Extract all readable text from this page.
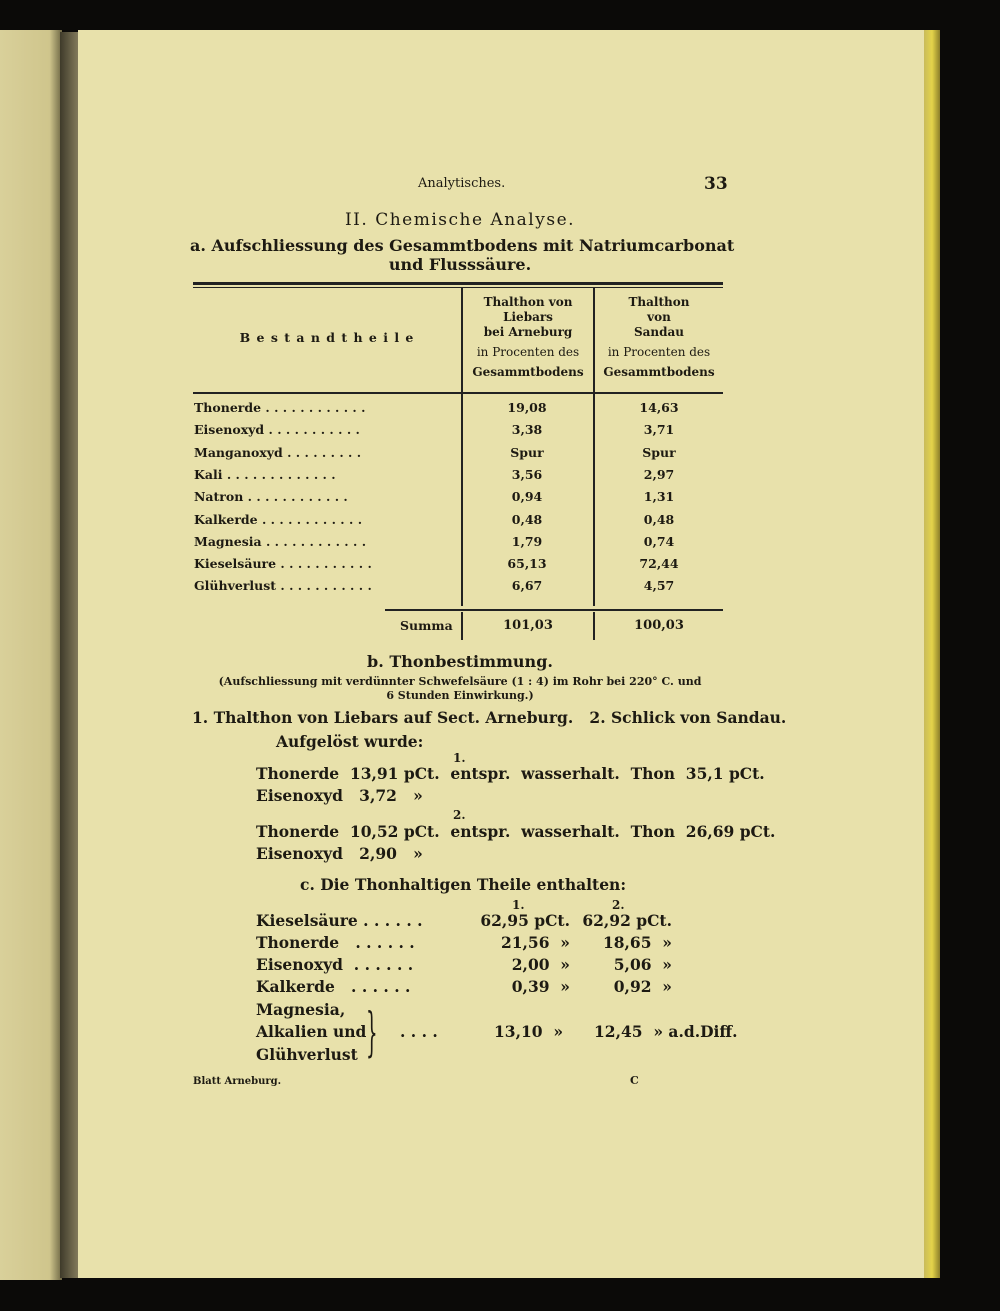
Analytisches.	33
II. Chemische Analyse.
a. Aufschliessung des Gesammtbodens mit Natriumcarbonat
und Flusssäure.
B e s t a n d t h e i l e
Thalthon von
Liebars
bei Arneburg
in Procenten des
Gesammtbodens
Thalthon
von
Sandau
in Procenten des
Gesammtbodens
Thonerde . . . . . . . . . . . .	19,08	14,63
Eisenoxyd . . . . . . . . . . .	3,38	3,71
Manganoxyd . . . . . . . . .	Spur	Spur
Kali . . . . . . . . . . . . .	3,56	2,97
Natron . . . . . . . . . . . .	0,94	1,31
Kalkerde . . . . . . . . . . . .	0,48	0,48
Magnesia . . . . . . . . . . . .	1,79	0,74
Kieselsäure . . . . . . . . . . .	65,13	72,44
Glühverlust . . . . . . . . . . .	6,67	4,57
Summa	101,03	100,03
b. Thonbestimmung.
(Aufschliessung mit verdünnter Schwefelsäure (1 : 4) im Rohr bei 220° C. und
6 Stunden Einwirkung.)
1. Thalthon von Liebars auf Sect. Arneburg.   2. Schlick von Sandau.
Aufgelöst wurde:
1.
Thonerde  13,91 pCt.  entspr.  wasserhalt.  Thon  35,1 pCt.
Eisenoxyd   3,72   »
2.
Thonerde  10,52 pCt.  entspr.  wasserhalt.  Thon  26,69 pCt.
Eisenoxyd   2,90   »
c. Die Thonhaltigen Theile enthalten:
1.	2.
Kieselsäure . . . . . .	62,95 pCt. 62,92 pCt.
Thonerde   . . . . . .	21,56  »	18,65  »
Eisenoxyd  . . . . . .	2,00  »	5,06  »
Kalkerde   . . . . . .	0,39  »	0,92  »
Magnesia,
Alkalien und
Glühverlust } . . . .	13,10  » 12,45  » a.d.Diff.
Blatt Arneburg.	C
